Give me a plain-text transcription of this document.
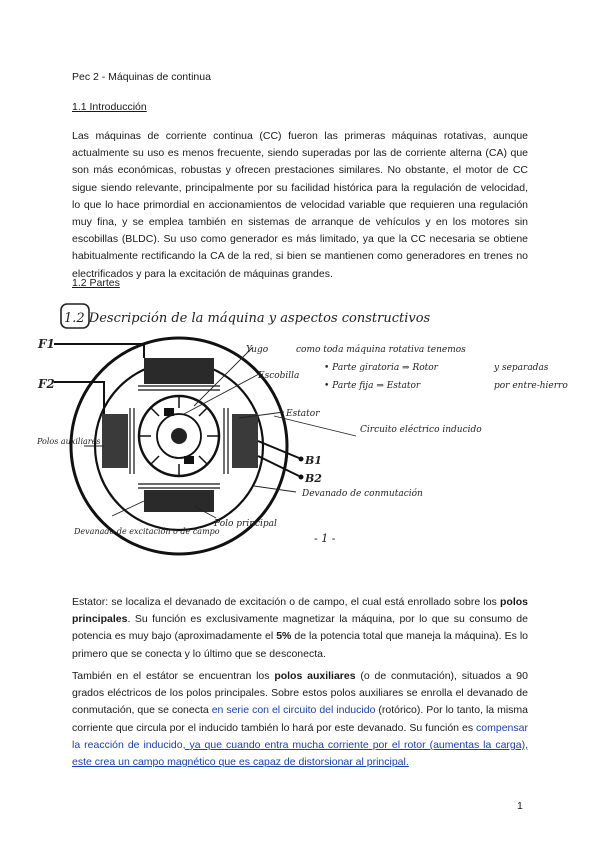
Pec 2 - Máquinas de continua
1.1 Introducción

Las máquinas de corriente continua (CC) fueron las primeras máquinas rotativas, aunque actualmente su uso es menos frecuente, siendo superadas por las de corriente alterna (CA) que son más económicas, robustas y ofrecen prestaciones similares. No obstante, el motor de CC sigue siendo relevante, principalmente por su facilidad histórica para la regulación de velocidad, lo que lo hace primordial en accionamientos de velocidad variable que requieren una regulación muy fina, y se emplea también en sistemas de arranque de vehículos y en los motores sin escobillas (BLDC). Su uso como generador es más limitado, ya que la CC necesaria se obtiene habitualmente rectificando la CA de la red, si bien se mantienen como generadores en trenes no electrificados y para la excitación de máquinas grandes.

1.2 Partes
1.2 Descripción de la máquina y aspectos constructivos
F1
F2
B1
B2
Yugo	como toda máquina rotativa tenemos
• Parte giratoria ⇒ Rotor
• Parte fija ⇒ Estator
y separadas
por entre-hierro
Escobilla
Estator
Circuito eléctrico inducido
Devanado de conmutación
Polos auxiliares
Devanado de excitación o de campo
Polo principal
- 1 -

Estator: se localiza el devanado de excitación o de campo, el cual está enrollado sobre los polos principales. Su función es exclusivamente magnetizar la máquina, por lo que su consumo de potencia es muy bajo (aproximadamente el 5% de la potencia total que maneja la máquina). Es lo primero que se conecta y lo último que se desconecta.

También en el estátor se encuentran los polos auxiliares (o de conmutación), situados a 90 grados eléctricos de los polos principales. Sobre estos polos auxiliares se enrolla el devanado de conmutación, que se conecta en serie con el circuito del inducido (rotórico). Por lo tanto, la misma corriente que circula por el inducido también lo hará por este devanado. Su función es compensar la reacción de inducido, ya que cuando entra mucha corriente por el rotor (aumentas la carga), este crea un campo magnético que es capaz de distorsionar al principal.

1
